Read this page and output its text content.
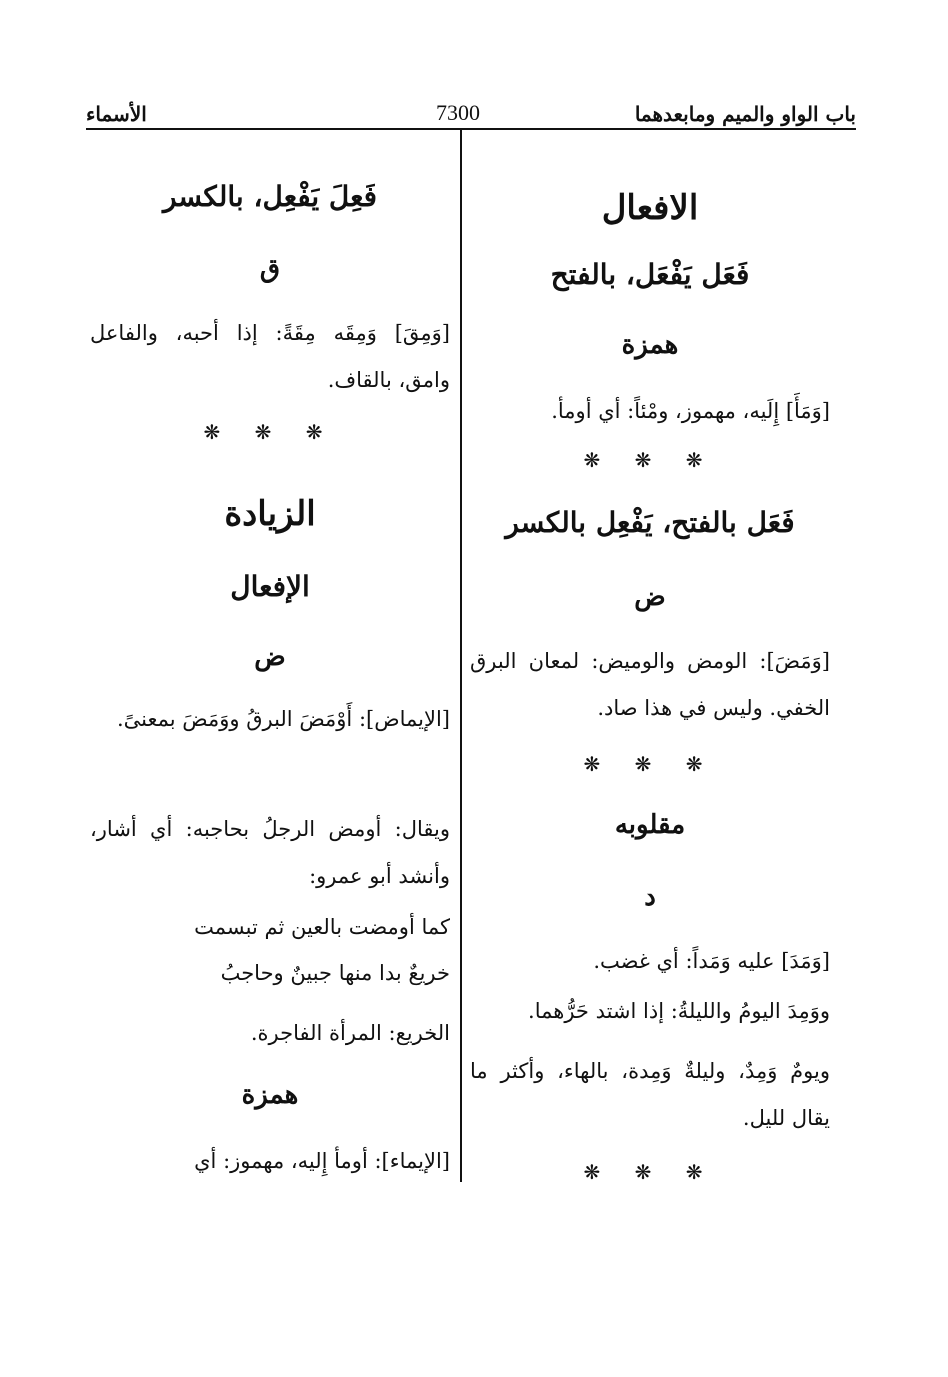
باب الواو والميم ومابعدهما
7300
الأسماء
الافعال
فَعَل يَفْعَل، بالفتح
همزة
[وَمَأَ] إِلَيه، مهموز، ومْئاً: أي أومأ.
❋ ❋ ❋
فَعَل بالفتح، يَفْعِل بالكسر
ض
[وَمَضَ]: الومض والوميض: لمعان البرق الخفي. وليس في هذا صاد.
❋ ❋ ❋
مقلوبه
د
[وَمَدَ] عليه وَمَداً: أي غضب.
ووَمِدَ اليومُ والليلةُ: إذا اشتد حَرُّهما.
ويومٌ وَمِدٌ، وليلةٌ وَمِدة، بالهاء، وأكثر ما يقال لليل.
❋ ❋ ❋
فَعِلَ يَفْعِل، بالكسر
ق
[وَمِقَ] وَمِقَه مِقَةً: إذا أحبه، والفاعل وامق، بالقاف.
❋ ❋ ❋
الزيادة
الإفعال
ض
[الإيماض]: أَوْمَضَ البرقُ ووَمَضَ بمعنىً.
ويقال: أومض الرجلُ بحاجبه: أي أشار، وأنشد أبو عمرو:
كما أومضت بالعين ثم تبسمت
خريعٌ بدا منها جبينٌ وحاجبُ
الخريع: المرأة الفاجرة.
همزة
[الإيماء]: أومأ إِليه، مهموز: أي
